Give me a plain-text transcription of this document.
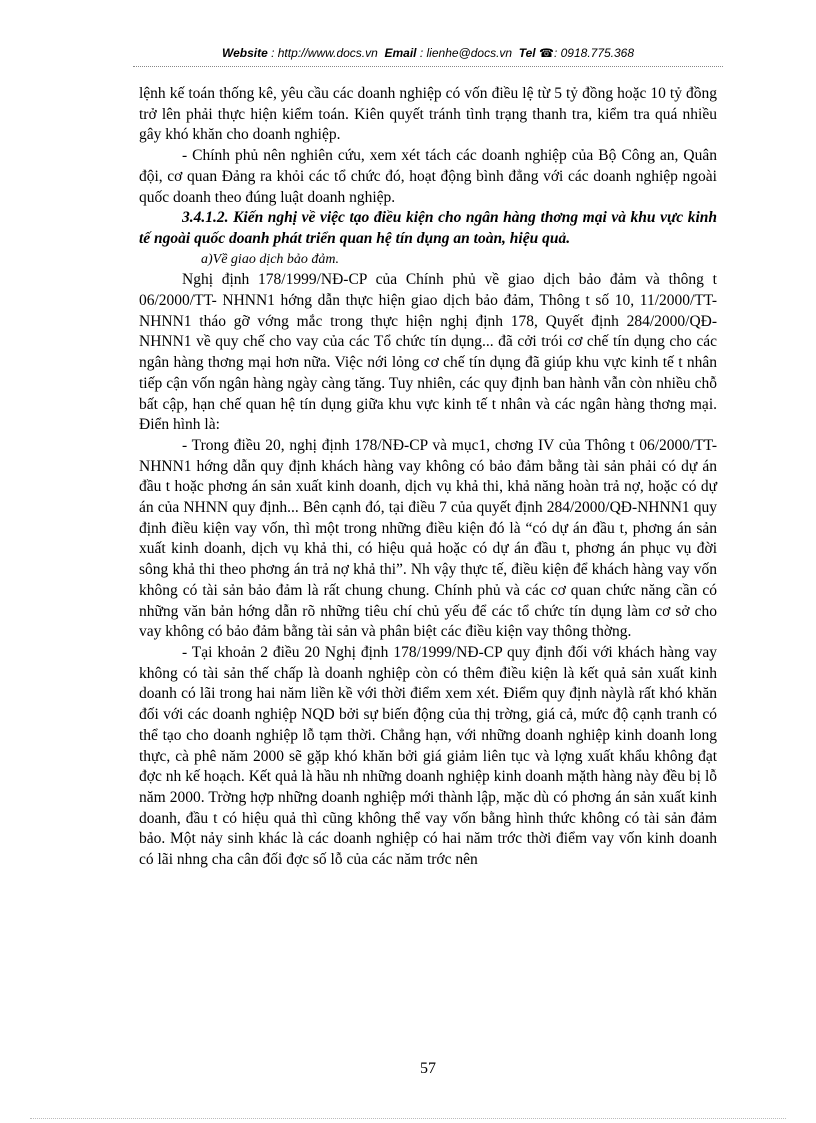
Website : http://www.docs.vn Email : lienhe@docs.vn Tel ☎: 0918.775.368

lệnh kế toán thống kê, yêu cầu các doanh nghiệp có vốn điều lệ từ 5 tỷ đồng hoặc 10 tỷ đồng trở lên phải thực hiện kiểm toán. Kiên quyết tránh tình trạng thanh tra, kiểm tra quá nhiều gây khó khăn cho doanh nghiệp.

- Chính phủ nên nghiên cứu, xem xét tách các doanh nghiệp của Bộ Công an, Quân đội, cơ quan Đảng ra khỏi các tổ chức đó, hoạt động bình đẳng với các doanh nghiệp ngoài quốc doanh theo đúng luật doanh nghiệp.

3.4.1.2. Kiến nghị về việc tạo điều kiện cho ngân hàng thơng mại và khu vực kinh tế ngoài quốc doanh phát triển quan hệ tín dụng an toàn, hiệu quả.

a)Về giao dịch bảo đảm.

Nghị định 178/1999/NĐ-CP của Chính phủ về giao dịch bảo đảm và thông t 06/2000/TT- NHNN1 hớng dẫn thực hiện giao dịch bảo đảm, Thông t số 10, 11/2000/TT- NHNN1 tháo gỡ vớng mắc trong thực hiện nghị định 178, Quyết định 284/2000/QĐ- NHNN1 về quy chế cho vay của các Tổ chức tín dụng... đã cởi trói cơ chế tín dụng cho các ngân hàng thơng mại hơn nữa. Việc nới lỏng cơ chế tín dụng đã giúp khu vực kinh tế t nhân tiếp cận vốn ngân hàng ngày càng tăng. Tuy nhiên, các quy định ban hành vẫn còn nhiều chỗ bất cập, hạn chế quan hệ tín dụng giữa khu vực kinh tế t nhân và các ngân hàng thơng mại. Điển hình là:

- Trong điều 20, nghị định 178/NĐ-CP và mục1, chơng IV của Thông t 06/2000/TT-NHNN1 hớng dẫn quy định khách hàng vay không có bảo đảm bằng tài sản phải có dự án đầu t hoặc phơng án sản xuất kinh doanh, dịch vụ khả thi, khả năng hoàn trả nợ, hoặc có dự án của NHNN quy định... Bên cạnh đó, tại điều 7 của quyết định 284/2000/QĐ-NHNN1 quy định điều kiện vay vốn, thì một trong những điều kiện đó là “có dự án đầu t, phơng án sản xuất kinh doanh, dịch vụ khả thi, có hiệu quả hoặc có dự án đầu t, phơng án phục vụ đời sông khả thi theo phơng án trả nợ khả thi”. Nh vậy thực tế, điều kiện để khách hàng vay vốn không có tài sản bảo đảm là rất chung chung. Chính phủ và các cơ quan chức năng cần có những văn bản hớng dẫn rõ những tiêu chí chủ yếu để các tổ chức tín dụng làm cơ sở cho vay không có bảo đảm bằng tài sản và phân biệt các điều kiện vay thông thờng.

- Tại khoản 2 điều 20 Nghị định 178/1999/NĐ-CP quy định đối với khách hàng vay không có tài sản thế chấp là doanh nghiệp còn có thêm điều kiện là kết quả sản xuất kinh doanh có lãi trong hai năm liền kề với thời điểm xem xét. Điểm quy định nàylà rất khó khăn đối với các doanh nghiệp NQD bởi sự biến động của thị trờng, giá cả, mức độ cạnh tranh có thể tạo cho doanh nghiệp lỗ tạm thời. Chẳng hạn, với những doanh nghiệp kinh doanh long thực, cà phê năm 2000 sẽ gặp khó khăn bởi giá giảm liên tục và lợng xuất khẩu không đạt đợc nh kế hoạch. Kết quả là hầu nh những doanh nghiệp kinh doanh mặth hàng này đều bị lỗ năm 2000. Trờng hợp những doanh nghiệp mới thành lập, mặc dù có phơng án sản xuất kinh doanh, đầu t có hiệu quả thì cũng không thể vay vốn bằng hình thức không có tài sản đảm bảo. Một nảy sinh khác là các doanh nghiệp có hai năm trớc thời điểm vay vốn kinh doanh có lãi nhng cha cân đối đợc số lỗ của các năm trớc nên

57
